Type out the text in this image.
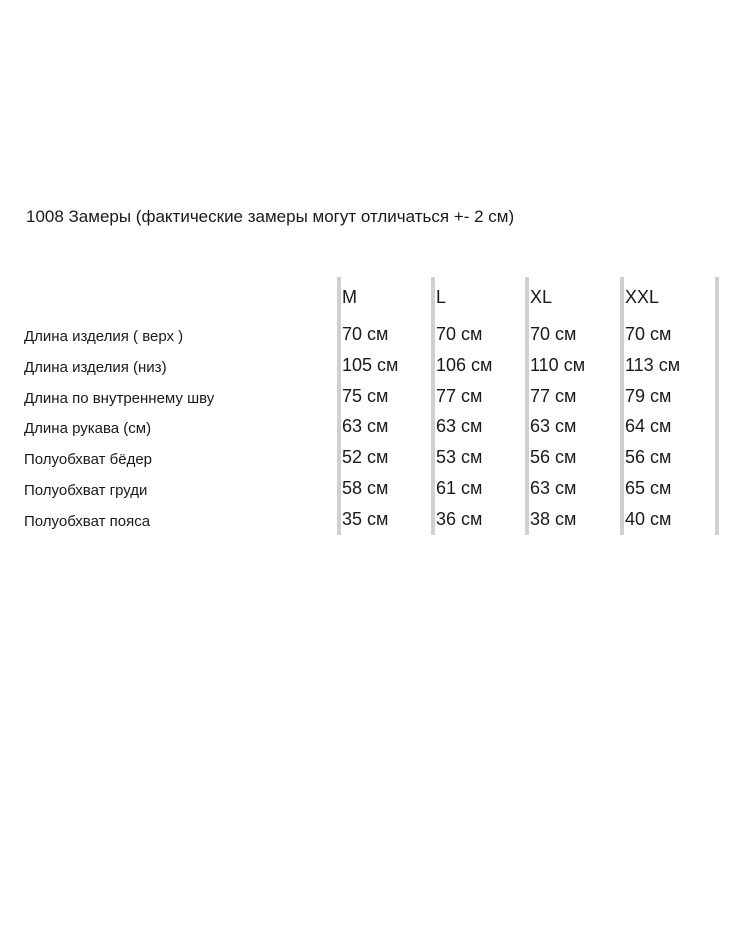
1008 Замеры (фактические замеры могут отличаться +- 2 см)
Длина изделия ( верх )
Длина изделия (низ)
Длина по внутреннему шву
Длина рукава (см)
Полуобхват бёдер
Полуобхват груди
Полуобхват пояса
M
70 см
105 см
75 см
63 см
52 см
58 см
35 см
L
70 см
106 см
77 см
63 см
53 см
61 см
36 см
XL
70 см
110 см
77 см
63 см
56 см
63 см
38 см
XXL
70 см
113 см
79 см
64 см
56 см
65 см
40 см
